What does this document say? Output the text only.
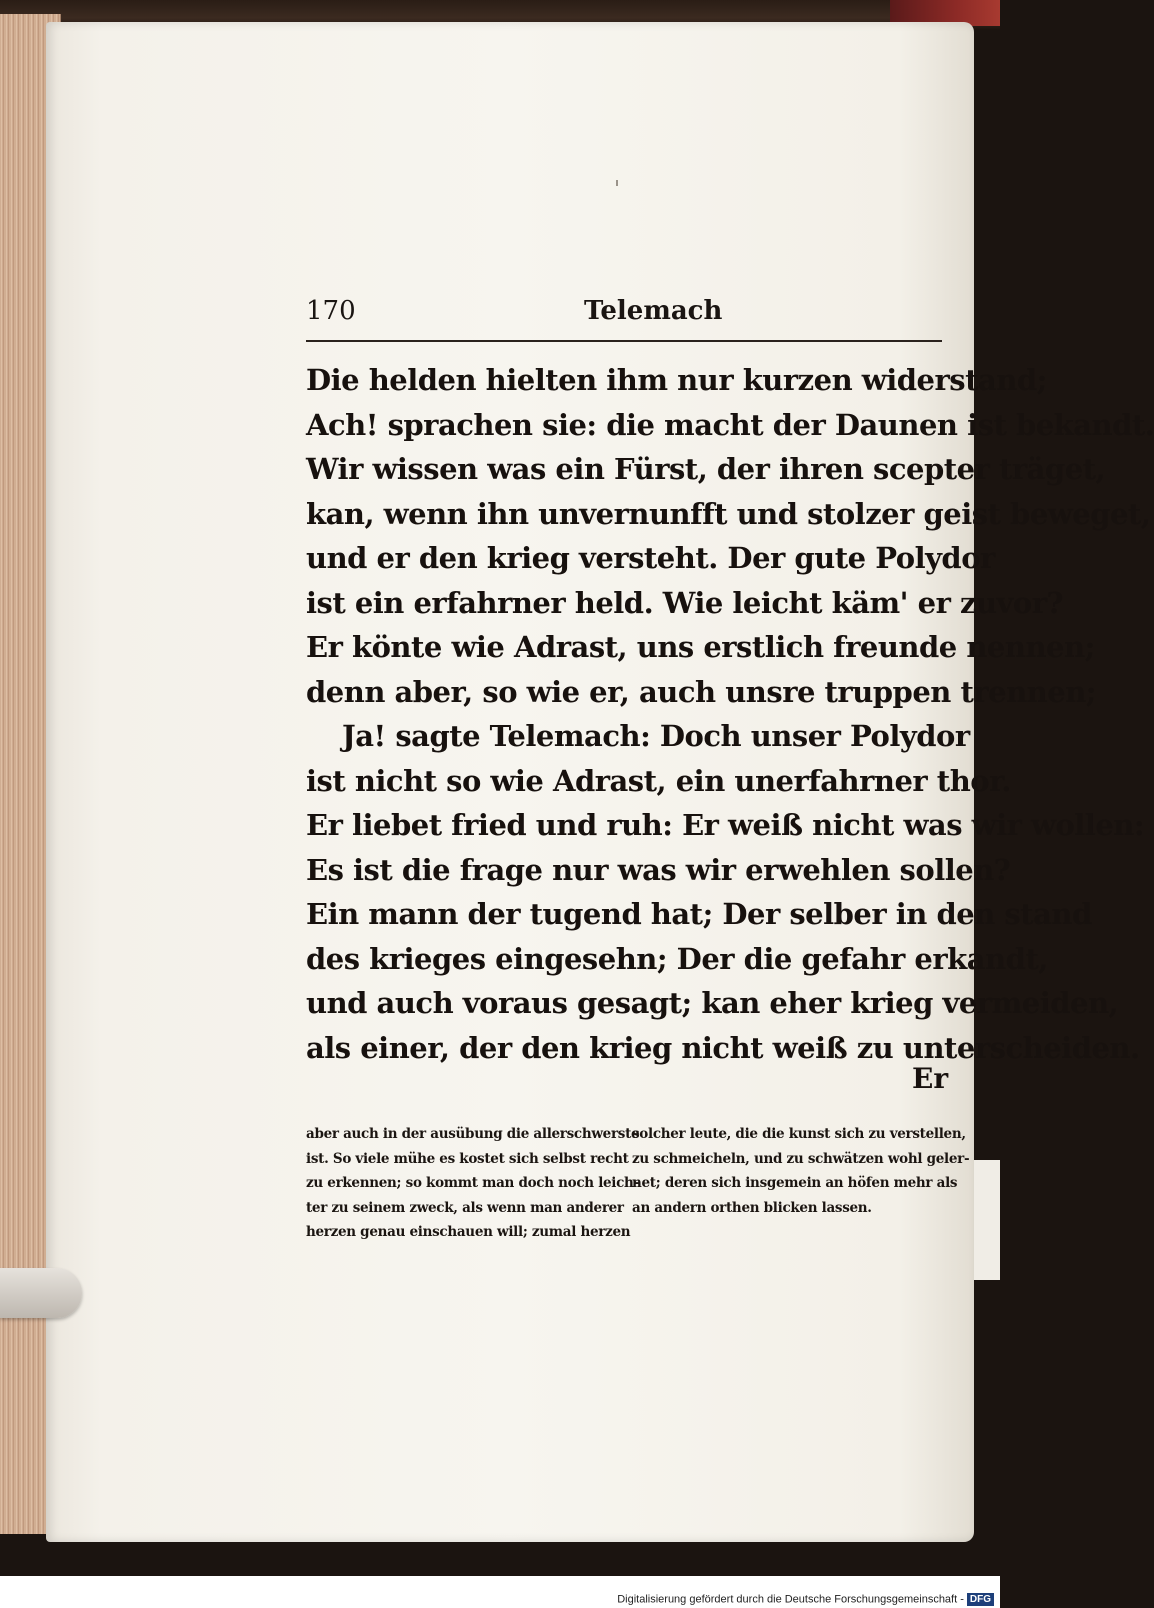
170	Telemach
Die helden hielten ihm nur kurzen widerstand;
Ach! sprachen sie: die macht der Daunen ist bekandt.
Wir wissen was ein Fürst, der ihren scepter träget,
kan, wenn ihn unvernunfft und stolzer geist beweget,
und er den krieg versteht. Der gute Polydor
ist ein erfahrner held. Wie leicht käm' er zuvor?
Er könte wie Adrast, uns erstlich freunde nennen;
denn aber, so wie er, auch unsre truppen trennen;
Ja! sagte Telemach: Doch unser Polydor
ist nicht so wie Adrast, ein unerfahrner thor.
Er liebet fried und ruh: Er weiß nicht was wir wollen:
Es ist die frage nur was wir erwehlen sollen?
Ein mann der tugend hat; Der selber in den stand
des krieges eingesehn; Der die gefahr erkandt,
und auch voraus gesagt; kan eher krieg vermeiden,
als einer, der den krieg nicht weiß zu unterscheiden.
Er
aber auch in der ausübung die allerschwerste
ist. So viele mühe es kostet sich selbst recht
zu erkennen; so kommt man doch noch leich-
ter zu seinem zweck, als wenn man anderer
herzen genau einschauen will; zumal herzen
solcher leute, die die kunst sich zu verstellen,
zu schmeicheln, und zu schwätzen wohl geler-
net; deren sich insgemein an höfen mehr als
an andern orthen blicken lassen.
Digitalisierung gefördert durch die Deutsche Forschungsgemeinschaft - DFG
